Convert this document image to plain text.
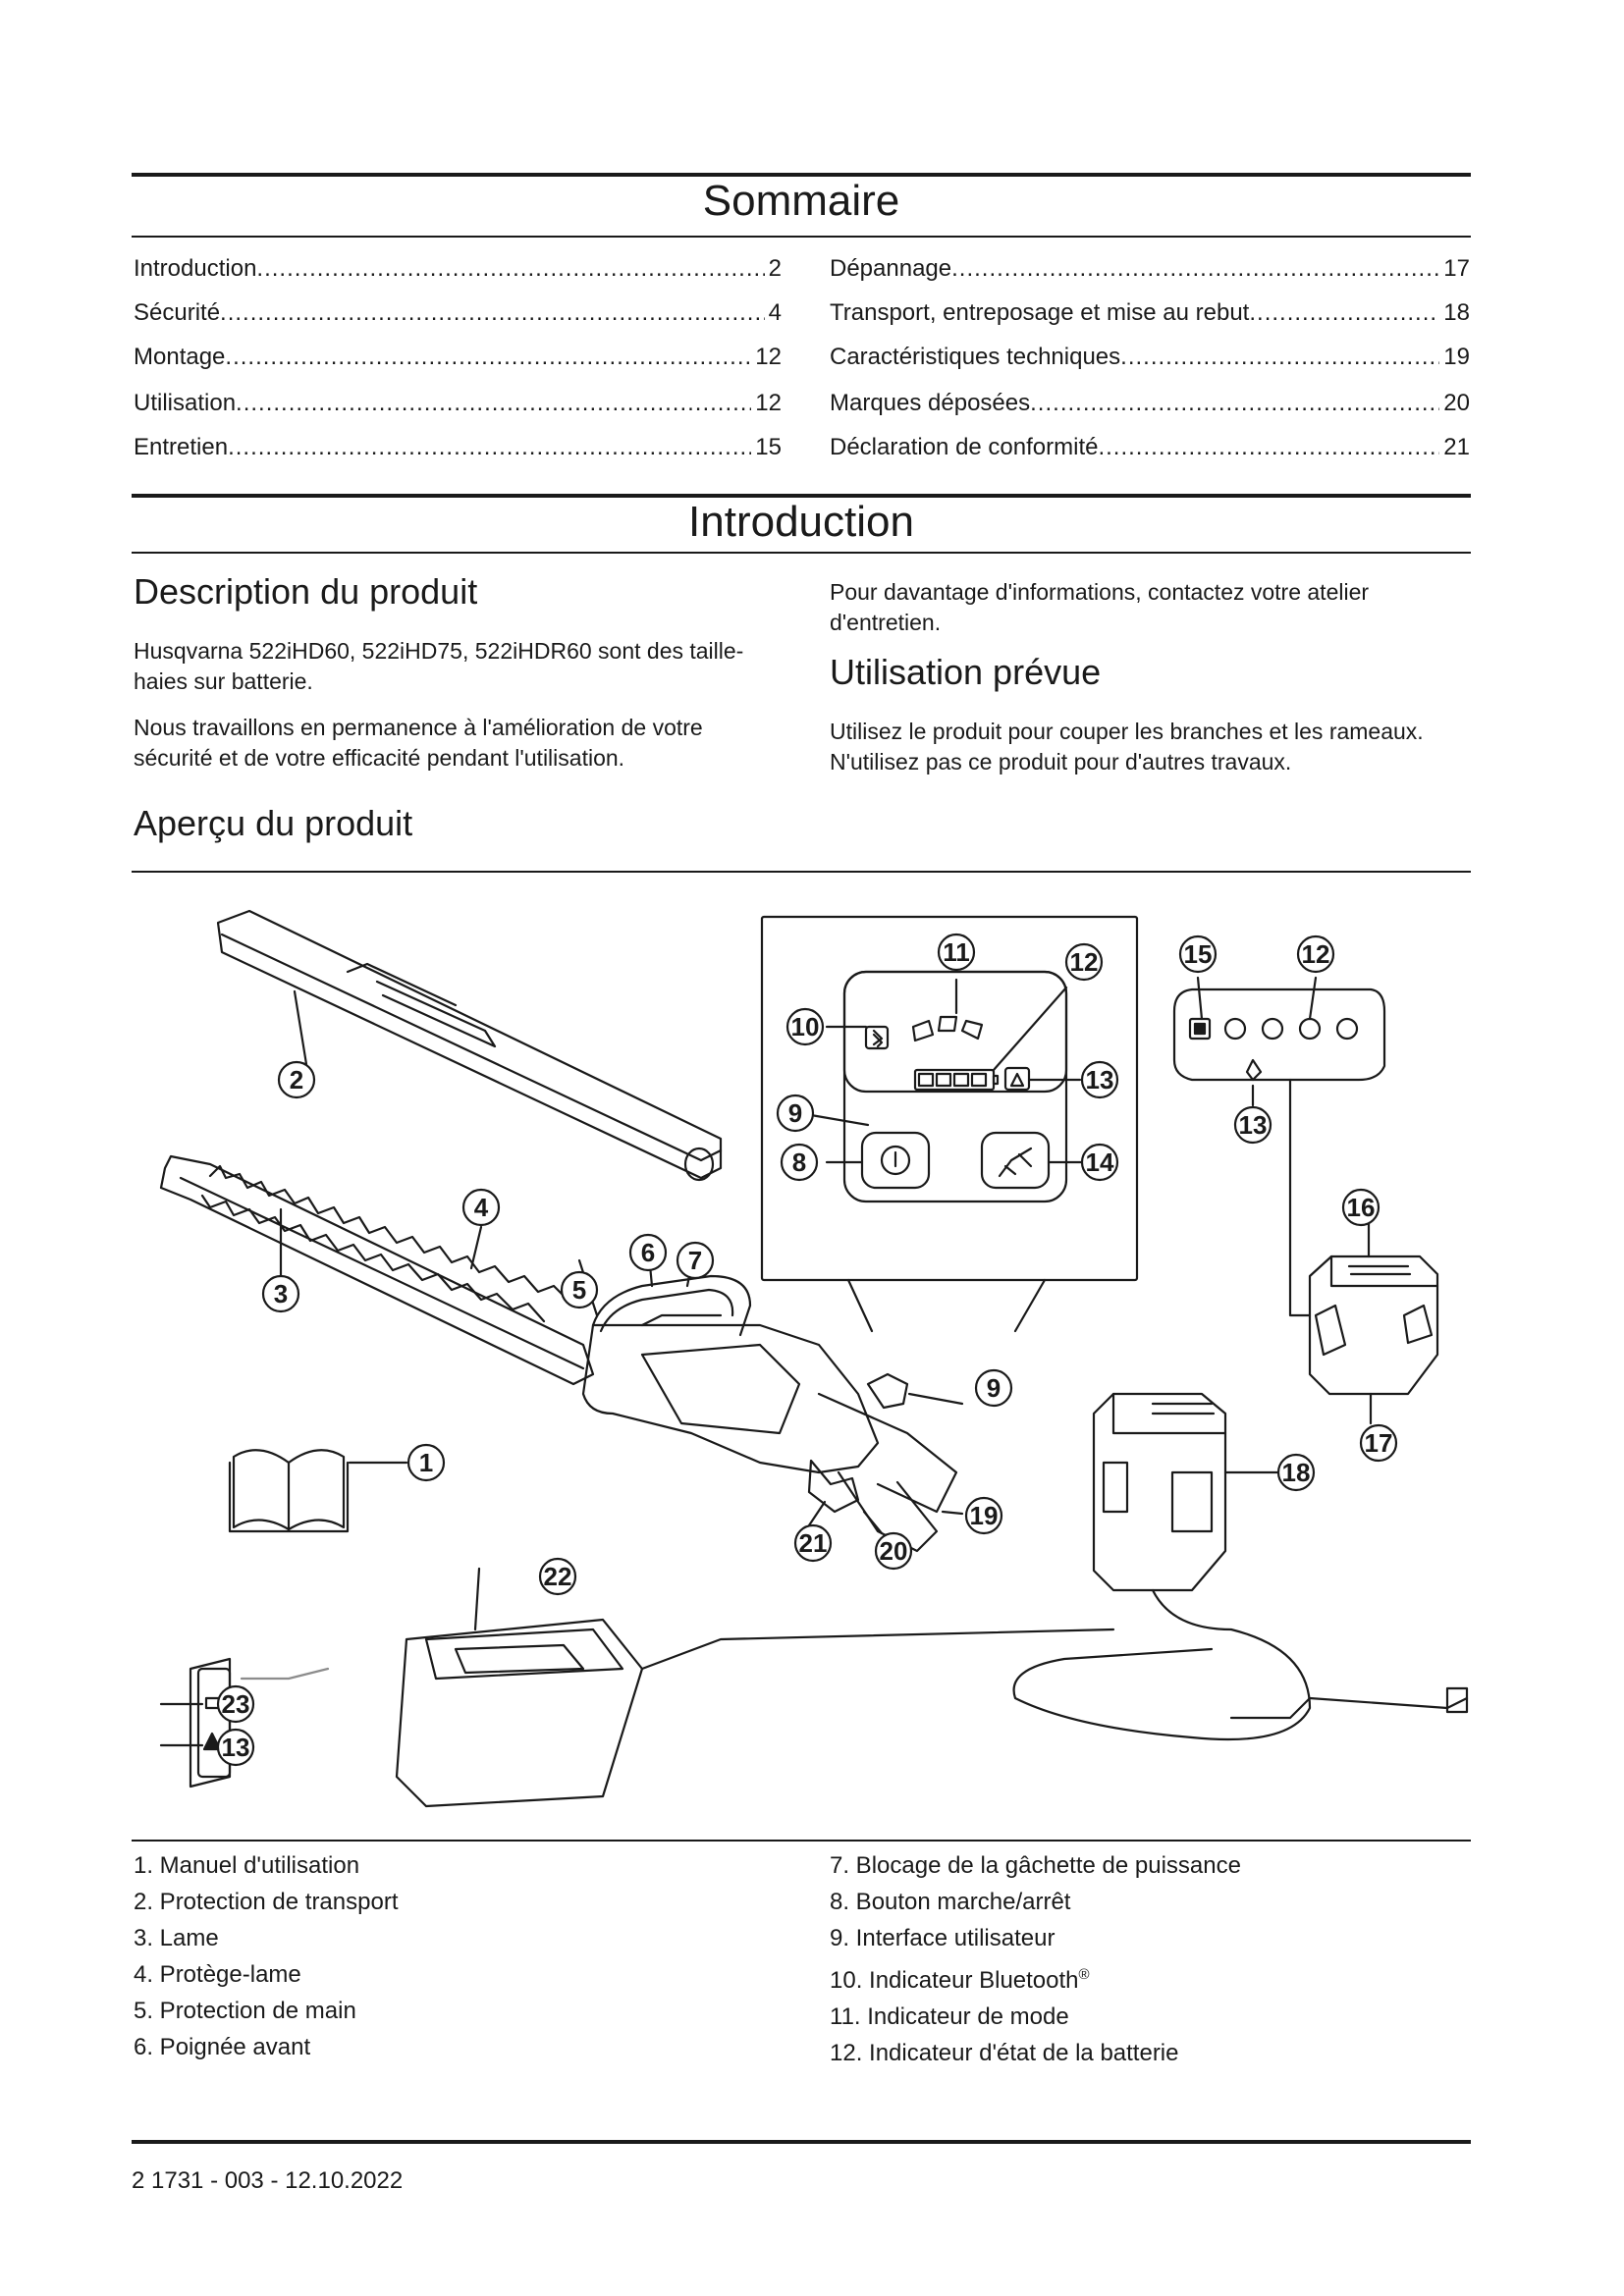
Sommaire
Introduction .....	2
Sécurité .....	4
Montage .....	12
Utilisation .....	12
Entretien .....	15
Dépannage .....	17
Transport, entreposage et mise au rebut .....	18
Caractéristiques techniques .....	19
Marques déposées .....	20
Déclaration de conformité .....	21
Introduction
Description du produit

Husqvarna 522iHD60, 522iHD75, 522iHDR60 sont des taille-haies sur batterie.

Nous travaillons en permanence à l'amélioration de votre sécurité et de votre efficacité pendant l'utilisation.

Pour davantage d'informations, contactez votre atelier d'entretien.

Utilisation prévue

Utilisez le produit pour couper les branches et les rameaux. N'utilisez pas ce produit pour d'autres travaux.

Aperçu du produit
1
2
3
4
5
6 7
8
9
9
10
11	12	12
13
13
13
14
15
16
17
18
19
20
21
22
23
1. Manuel d'utilisation
2. Protection de transport
3. Lame
4. Protège-lame
5. Protection de main
6. Poignée avant
7. Blocage de la gâchette de puissance
8. Bouton marche/arrêt
9. Interface utilisateur
10. Indicateur Bluetooth®
11. Indicateur de mode
12. Indicateur d'état de la batterie
2 1731 - 003 - 12.10.2022
